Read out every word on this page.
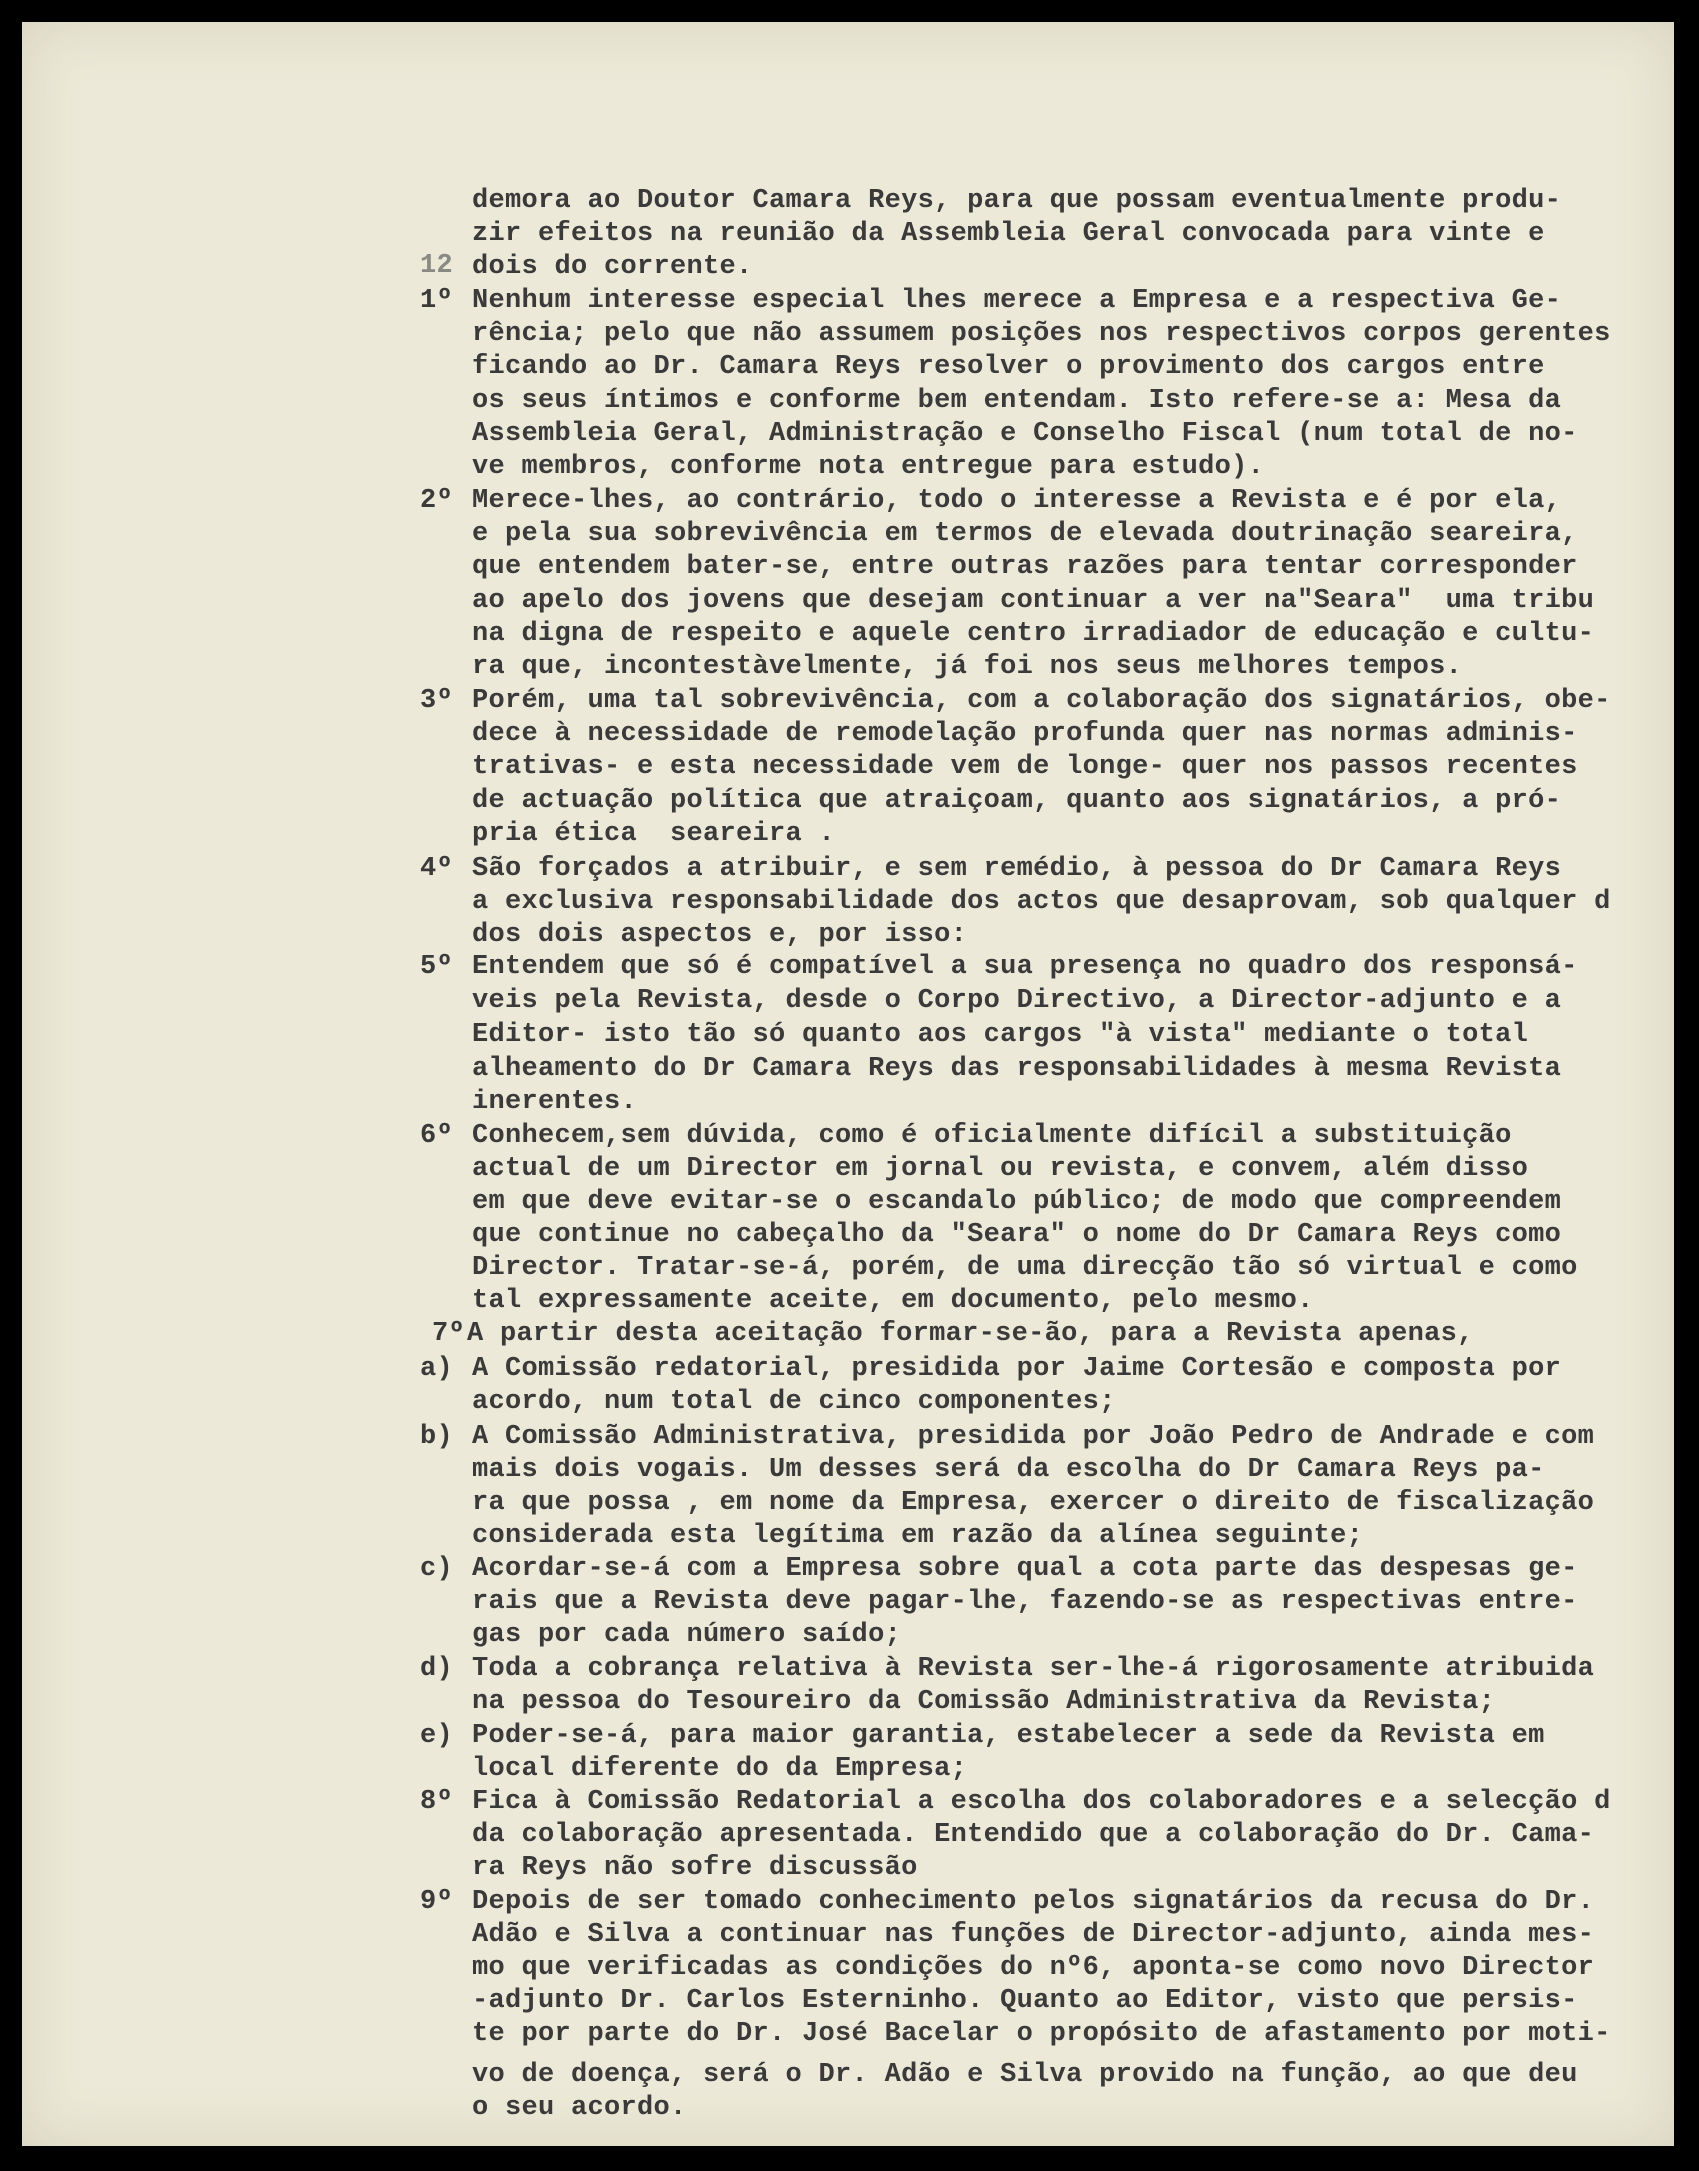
12
1º
2º
3º
4º
5º
6º
7º
a)
b)
c)
d)
e)
8º
9º
demora ao Doutor Camara Reys, para que possam eventualmente produ-
zir efeitos na reunião da Assembleia Geral convocada para vinte e
dois do corrente.
Nenhum interesse especial lhes merece a Empresa e a respectiva Ge-
rência; pelo que não assumem posições nos respectivos corpos gerentes
ficando ao Dr. Camara Reys resolver o provimento dos cargos entre
os seus íntimos e conforme bem entendam. Isto refere-se a: Mesa da
Assembleia Geral, Administração e Conselho Fiscal (num total de no-
ve membros, conforme nota entregue para estudo).
Merece-lhes, ao contrário, todo o interesse a Revista e é por ela,
e pela sua sobrevivência em termos de elevada doutrinação seareira,
que entendem bater-se, entre outras razões para tentar corresponder
ao apelo dos jovens que desejam continuar a ver na"Seara"  uma tribu
na digna de respeito e aquele centro irradiador de educação e cultu-
ra que, incontestàvelmente, já foi nos seus melhores tempos.
Porém, uma tal sobrevivência, com a colaboração dos signatários, obe-
dece à necessidade de remodelação profunda quer nas normas adminis-
trativas- e esta necessidade vem de longe- quer nos passos recentes
de actuação política que atraiçoam, quanto aos signatários, a pró-
pria ética  seareira .
São forçados a atribuir, e sem remédio, à pessoa do Dr Camara Reys
a exclusiva responsabilidade dos actos que desaprovam, sob qualquer d
dos dois aspectos e, por isso:
Entendem que só é compatível a sua presença no quadro dos responsá-
veis pela Revista, desde o Corpo Directivo, a Director-adjunto e a
Editor- isto tão só quanto aos cargos "à vista" mediante o total
alheamento do Dr Camara Reys das responsabilidades à mesma Revista
inerentes.
Conhecem,sem dúvida, como é oficialmente difícil a substituição
actual de um Director em jornal ou revista, e convem, além disso
em que deve evitar-se o escandalo público; de modo que compreendem
que continue no cabeçalho da "Seara" o nome do Dr Camara Reys como
Director. Tratar-se-á, porém, de uma direcção tão só virtual e como
tal expressamente aceite, em documento, pelo mesmo.
A partir desta aceitação formar-se-ão, para a Revista apenas,
A Comissão redatorial, presidida por Jaime Cortesão e composta por
acordo, num total de cinco componentes;
A Comissão Administrativa, presidida por João Pedro de Andrade e com
mais dois vogais. Um desses será da escolha do Dr Camara Reys pa-
ra que possa , em nome da Empresa, exercer o direito de fiscalização
considerada esta legítima em razão da alínea seguinte;
Acordar-se-á com a Empresa sobre qual a cota parte das despesas ge-
rais que a Revista deve pagar-lhe, fazendo-se as respectivas entre-
gas por cada número saído;
Toda a cobrança relativa à Revista ser-lhe-á rigorosamente atribuida
na pessoa do Tesoureiro da Comissão Administrativa da Revista;
Poder-se-á, para maior garantia, estabelecer a sede da Revista em
local diferente do da Empresa;
Fica à Comissão Redatorial a escolha dos colaboradores e a selecção d
da colaboração apresentada. Entendido que a colaboração do Dr. Cama-
ra Reys não sofre discussão
Depois de ser tomado conhecimento pelos signatários da recusa do Dr.
Adão e Silva a continuar nas funções de Director-adjunto, ainda mes-
mo que verificadas as condições do nº6, aponta-se como novo Director
-adjunto Dr. Carlos Esterninho. Quanto ao Editor, visto que persis-
te por parte do Dr. José Bacelar o propósito de afastamento por moti-
vo de doença, será o Dr. Adão e Silva provido na função, ao que deu
o seu acordo.
